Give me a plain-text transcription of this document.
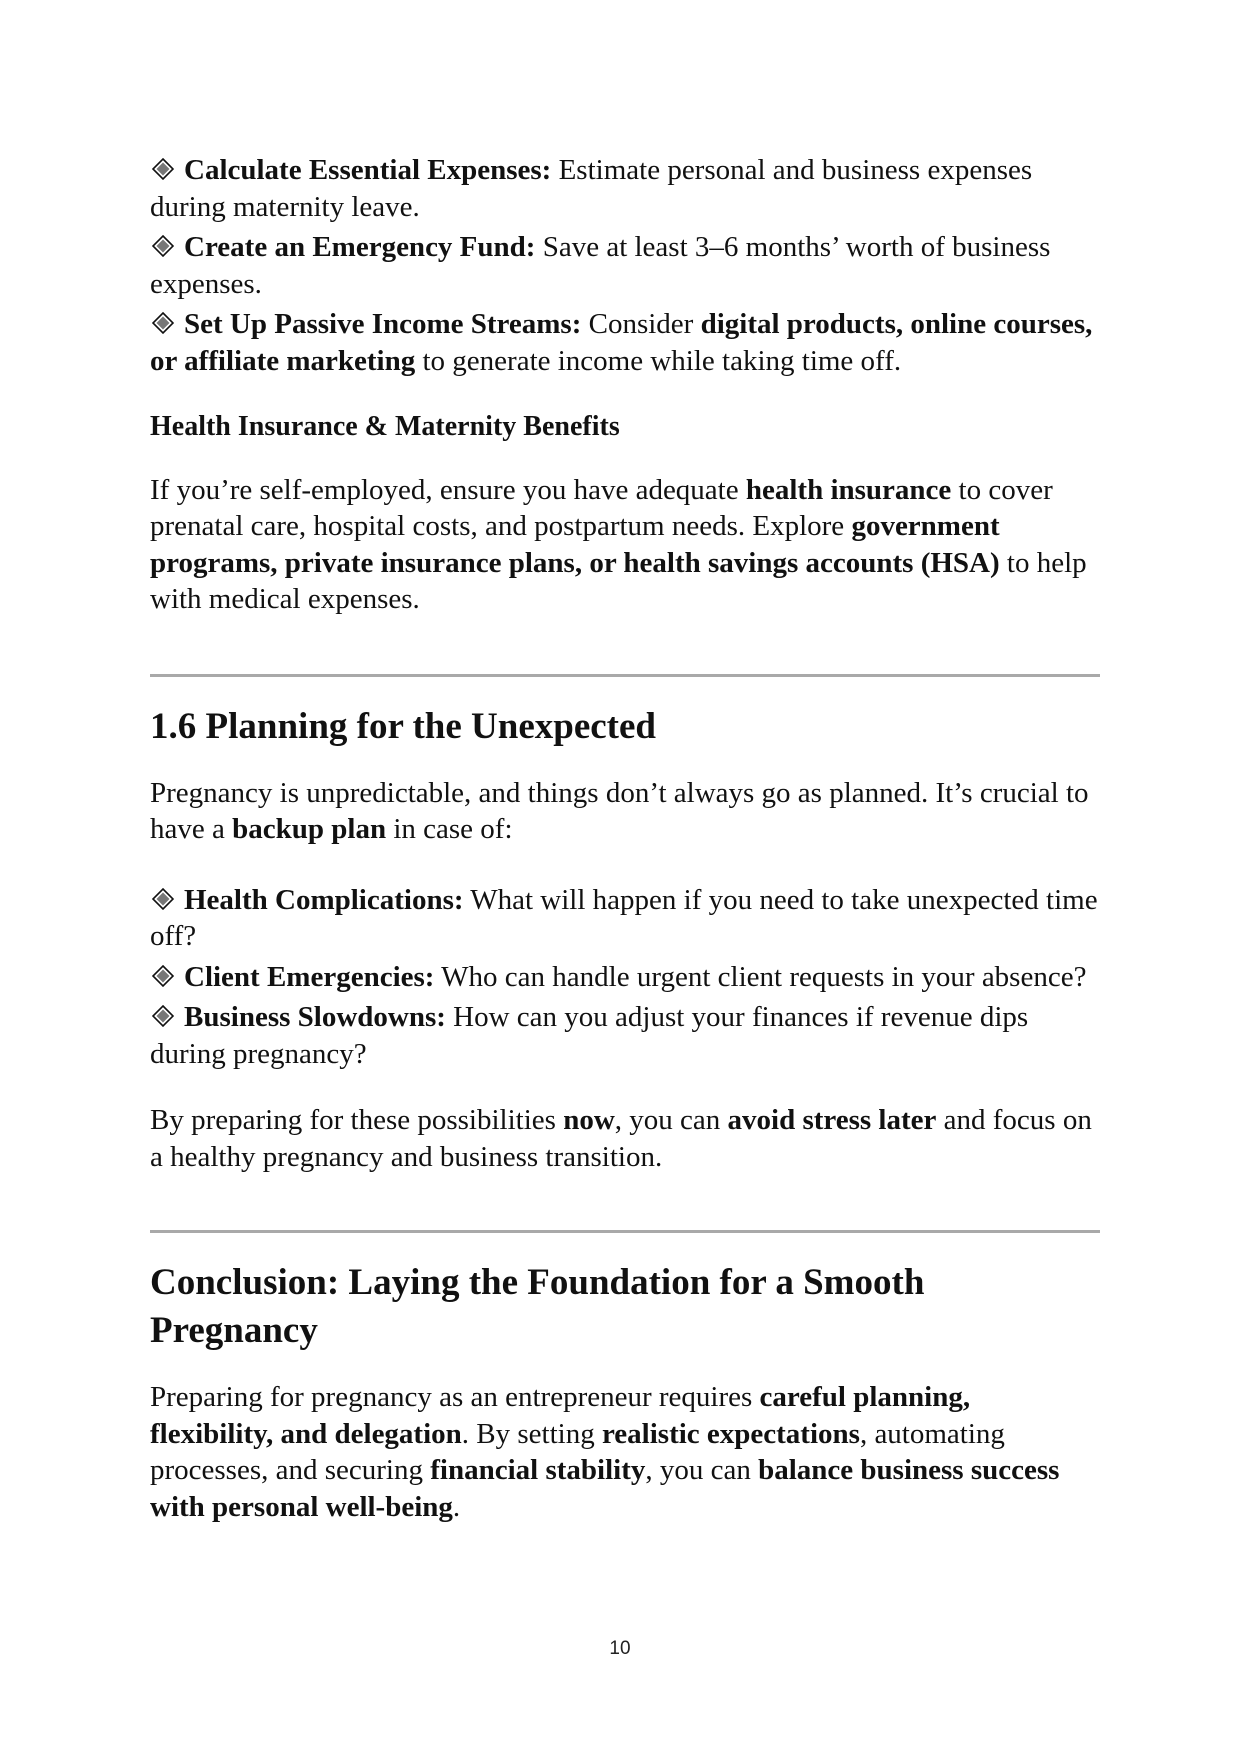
Calculate Essential Expenses: Estimate personal and business expenses during maternity leave.

Create an Emergency Fund: Save at least 3–6 months’ worth of business expenses.

Set Up Passive Income Streams: Consider digital products, online courses, or affiliate marketing to generate income while taking time off.

Health Insurance & Maternity Benefits

If you’re self-employed, ensure you have adequate health insurance to cover prenatal care, hospital costs, and postpartum needs. Explore government programs, private insurance plans, or health savings accounts (HSA) to help with medical expenses.

1.6 Planning for the Unexpected

Pregnancy is unpredictable, and things don’t always go as planned. It’s crucial to have a backup plan in case of:

Health Complications: What will happen if you need to take unexpected time off?

Client Emergencies: Who can handle urgent client requests in your absence?

Business Slowdowns: How can you adjust your finances if revenue dips during pregnancy?

By preparing for these possibilities now, you can avoid stress later and focus on a healthy pregnancy and business transition.

Conclusion: Laying the Foundation for a Smooth Pregnancy

Preparing for pregnancy as an entrepreneur requires careful planning, flexibility, and delegation. By setting realistic expectations, automating processes, and securing financial stability, you can balance business success with personal well-being.

10
